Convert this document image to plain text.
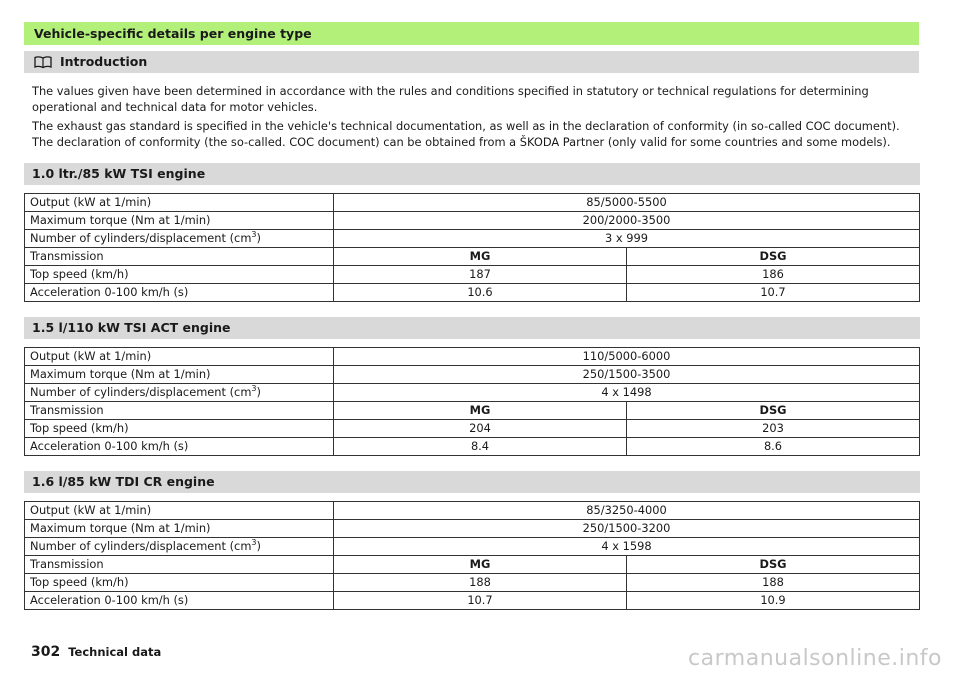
Vehicle-specific details per engine type
Introduction

The values given have been determined in accordance with the rules and conditions specified in statutory or technical regulations for determining operational and technical data for motor vehicles.

The exhaust gas standard is specified in the vehicle's technical documentation, as well as in the declaration of conformity (in so-called COC document). The declaration of conformity (the so-called. COC document) can be obtained from a ŠKODA Partner (only valid for some countries and some models).

1.0 ltr./85 kW TSI engine
Output (kW at 1/min)	85/5000-5500	
Maximum torque (Nm at 1/min)	200/2000-3500	
Number of cylinders/displacement $(cm^3)$	3 x 999	
Transmission	MG	DSG
Top speed (km/h)	187	186
Acceleration 0-100 km/h (s)	10.6	10.7
1.5 l/110 kW TSI ACT engine
Output (kW at 1/min)	110/5000-6000	
Maximum torque (Nm at 1/min)	250/1500-3500	
Number of cylinders/displacement $(cm^3)$	4 x 1498	
Transmission	MG	DSG
Top speed (km/h)	204	203
Acceleration 0-100 km/h (s)	8.4	8.6
1.6 l/85 kW TDI CR engine
Output (kW at 1/min)	85/3250-4000	
Maximum torque (Nm at 1/min)	250/1500-3200	
Number of cylinders/displacement $(cm^3)$	4 x 1598	
Transmission	MG	DSG
Top speed (km/h)	188	188
Acceleration 0-100 km/h (s)	10.7	10.9
302 Technical data	carmanualsonline.info
